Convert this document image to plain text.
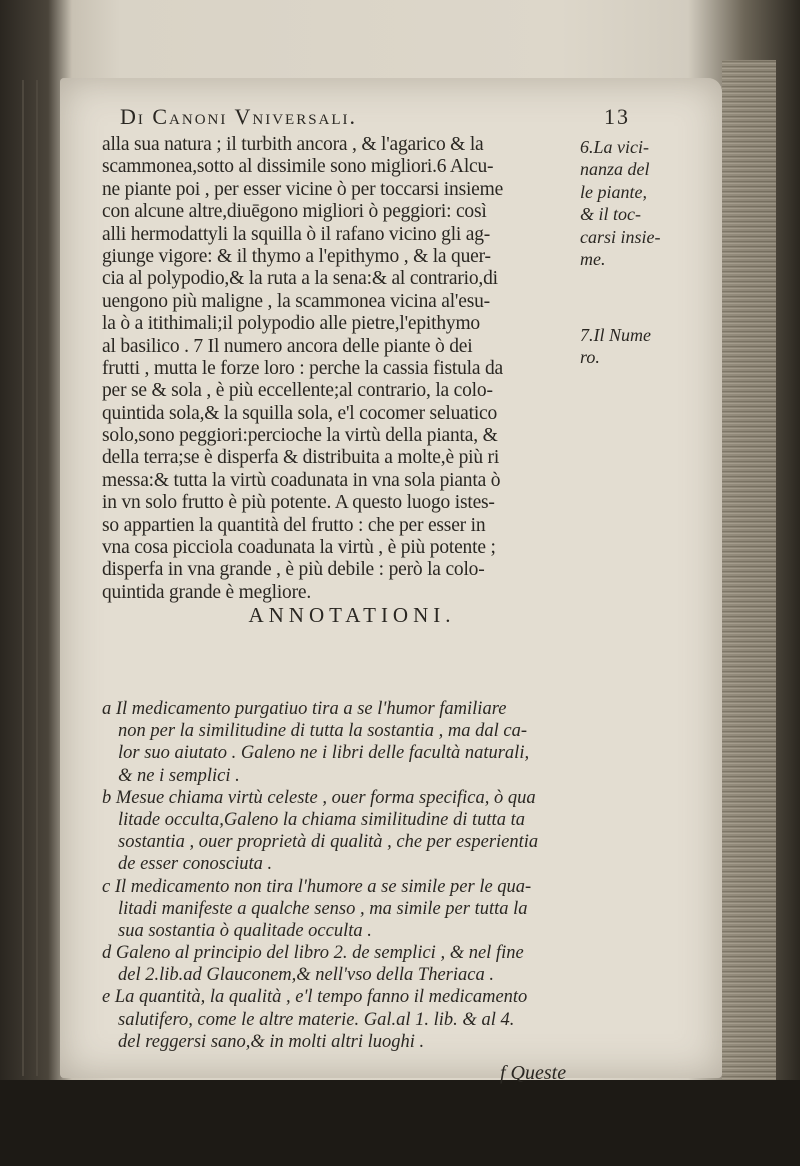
Di Canoni Vniversali.	13
alla sua natura ; il turbith ancora , & l'agarico & la
scammonea,sotto al dissimile sono migliori.6 Alcu-
ne piante poi , per esser vicine ò per toccarsi insieme
con alcune altre,diuēgono migliori ò peggiori: così
alli hermodattyli la squilla ò il rafano vicino gli ag-
giunge vigore: & il thymo a l'epithymo , & la quer-
cia al polypodio,& la ruta a la sena:& al contrario,di
uengono più maligne , la scammonea vicina al'esu-
la ò a itithimali;il polypodio alle pietre,l'epithymo
al basilico . 7 Il numero ancora delle piante ò dei
frutti , mutta le forze loro : perche la cassia fistula da
per se & sola , è più eccellente;al contrario, la colo-
quintida sola,& la squilla sola, e'l cocomer seluatico
solo,sono peggiori:percioche la virtù della pianta, &
della terra;se è disperfa & distribuita a molte,è più ri
messa:& tutta la virtù coadunata in vna sola pianta ò
in vn solo frutto è più potente. A questo luogo istes-
so appartien la quantità del frutto : che per esser in
vna cosa picciola coadunata la virtù , è più potente ;
disperfa in vna grande , è più debile : però la colo-
quintida grande è megliore.
ANNOTATIONI.
a Il medicamento purgatiuo tira a se l'humor familiare
non per la similitudine di tutta la sostantia , ma dal ca-
lor suo aiutato . Galeno ne i libri delle facultà naturali,
& ne i semplici .
b Mesue chiama virtù celeste , ouer forma specifica, ò qua
litade occulta,Galeno la chiama similitudine di tutta ta
sostantia , ouer proprietà di qualità , che per esperientia
de esser conosciuta .
c Il medicamento non tira l'humore a se simile per le qua-
litadi manifeste a qualche senso , ma simile per tutta la
sua sostantia ò qualitade occulta .
d Galeno al principio del libro 2. de semplici , & nel fine
del 2.lib.ad Glauconem,& nell'vso della Theriaca .
e La quantità, la qualità , e'l tempo fanno il medicamento
salutifero, come le altre materie. Gal.al 1. lib. & al 4.
del reggersi sano,& in molti altri luoghi .
f Queste
6.La vici-
nanza del
le piante,
& il toc-
carsi insie-
me.
7.Il Nume
ro.
